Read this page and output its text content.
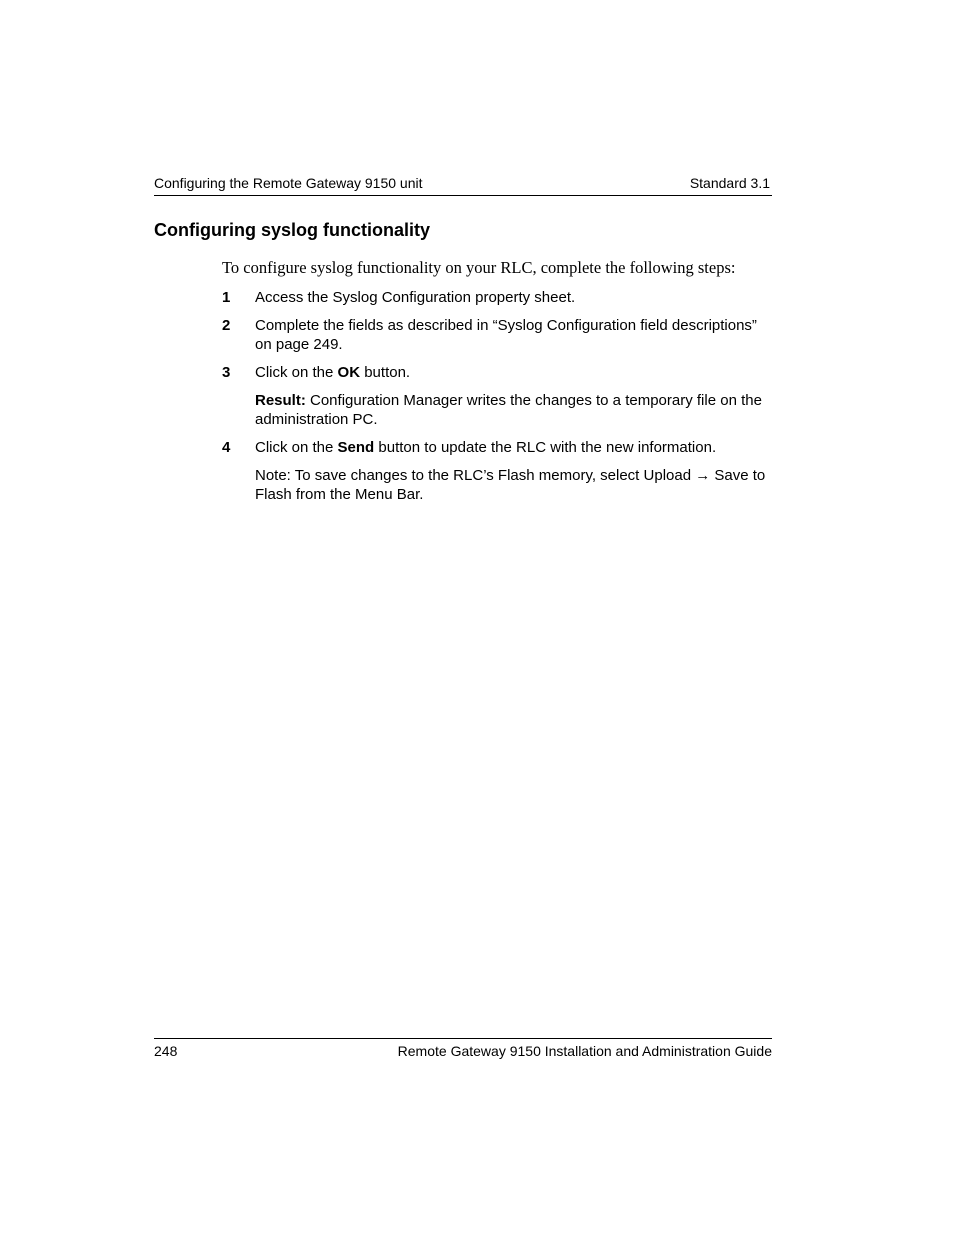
Configuring the Remote Gateway 9150 unit	Standard 3.1
Configuring syslog functionality

To configure syslog functionality on your RLC, complete the following steps:

1 Access the Syslog Configuration property sheet.
2 Complete the fields as described in “Syslog Configuration field descriptions” on page 249.
3 Click on the OK button.
Result: Configuration Manager writes the changes to a temporary file on the administration PC.
4 Click on the Send button to update the RLC with the new information.
Note: To save changes to the RLC’s Flash memory, select Upload → Save to Flash from the Menu Bar.
248	Remote Gateway 9150 Installation and Administration Guide
